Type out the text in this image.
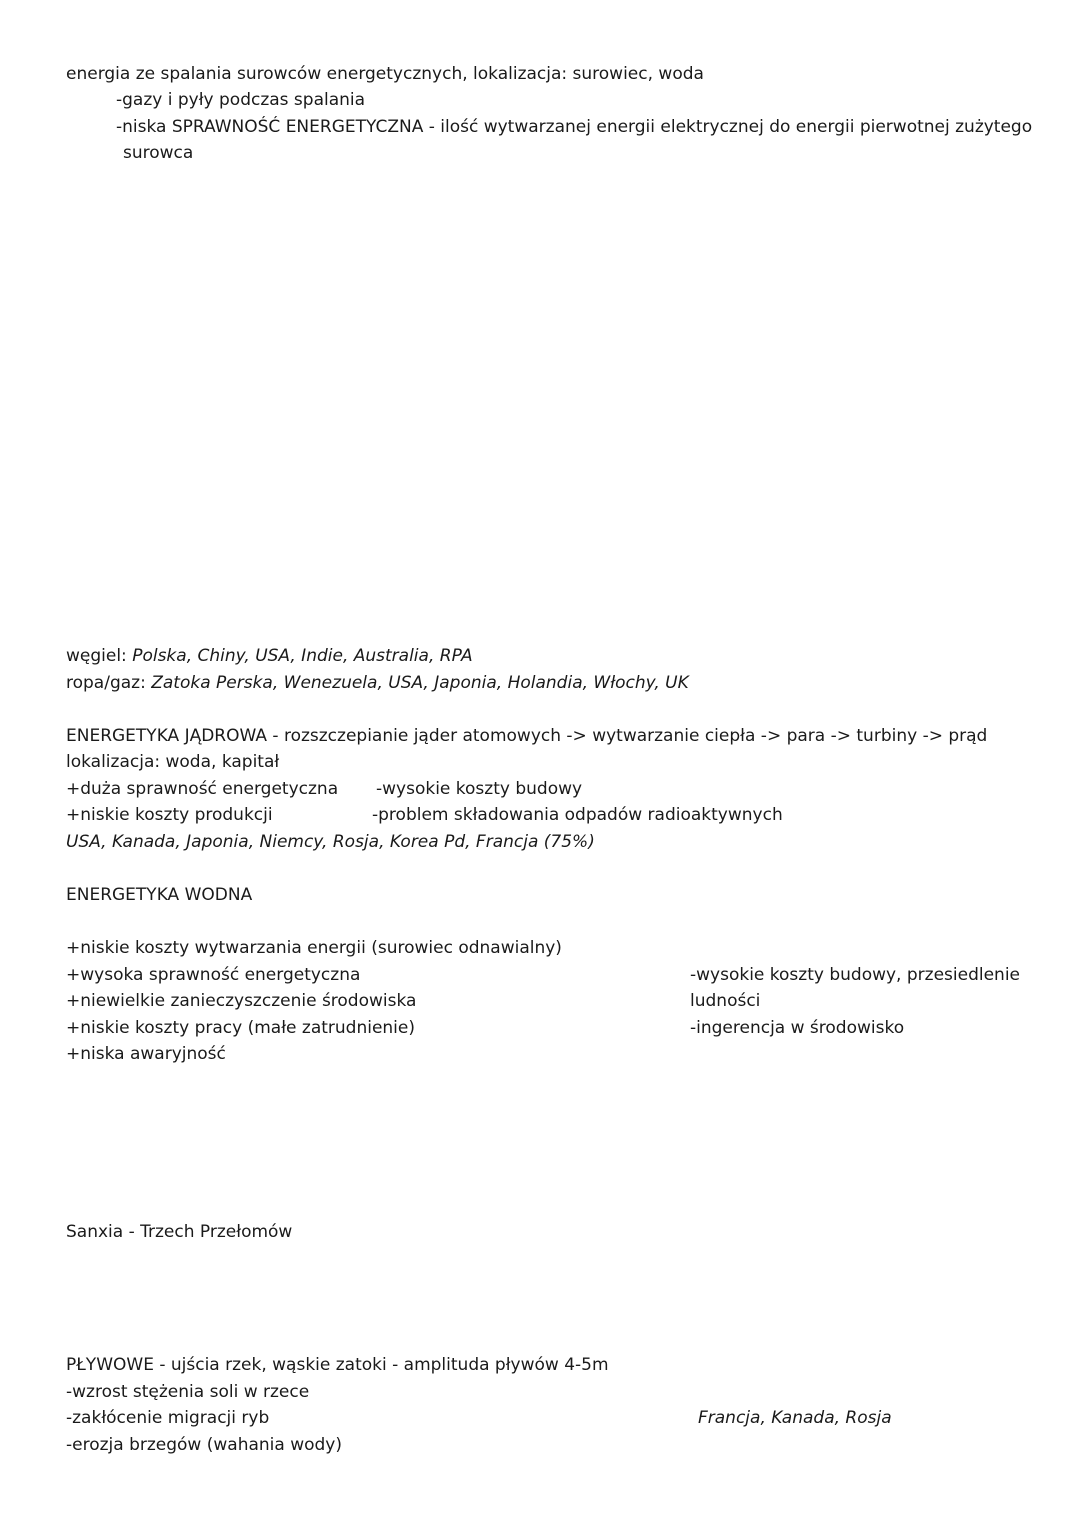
energia ze spalania surowców energetycznych, lokalizacja: surowiec, woda
-gazy i pyły podczas spalania
-niska SPRAWNOŚĆ ENERGETYCZNA - ilość wytwarzanej energii elektrycznej do energii pierwotnej zużytego
surowca
węgiel: Polska, Chiny, USA, Indie, Australia, RPA
ropa/gaz: Zatoka Perska, Wenezuela, USA, Japonia, Holandia, Włochy, UK
ENERGETYKA JĄDROWA - rozszczepianie jąder atomowych -> wytwarzanie ciepła -> para -> turbiny -> prąd
lokalizacja: woda, kapitał
+duża sprawność energetyczna -wysokie koszty budowy
+niskie koszty produkcji	-problem składowania odpadów radioaktywnych
USA, Kanada, Japonia, Niemcy, Rosja, Korea Pd, Francja (75%)
ENERGETYKA WODNA
+niskie koszty wytwarzania energii (surowiec odnawialny)
+wysoka sprawność energetyczna
+niewielkie zanieczyszczenie środowiska
+niskie koszty pracy (małe zatrudnienie)
+niska awaryjność
-wysokie koszty budowy, przesiedlenie
ludności
-ingerencja w środowisko
Sanxia - Trzech Przełomów
PŁYWOWE - ujścia rzek, wąskie zatoki - amplituda pływów 4-5m
-wzrost stężenia soli w rzece
-zakłócenie migracji ryb
-erozja brzegów (wahania wody)
Francja, Kanada, Rosja
